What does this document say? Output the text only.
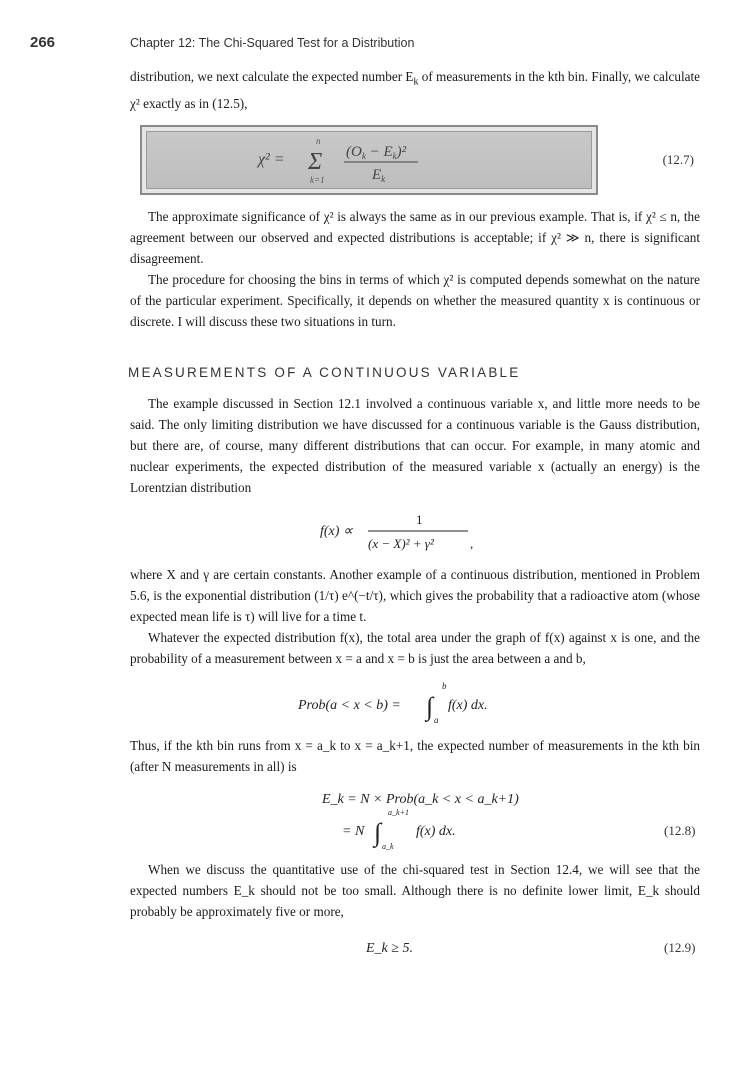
266	Chapter 12: The Chi-Squared Test for a Distribution

distribution, we next calculate the expected number $E_k$ of measurements in the kth bin. Finally, we calculate χ² exactly as in (12.5),

χ² =
n
Σ
k=1
$(O_k - E_k)^2$
$E_k$
(12.7)

The approximate significance of χ² is always the same as in our previous example. That is, if χ² ≤ n, the agreement between our observed and expected distributions is acceptable; if χ² ≫ n, there is significant disagreement.

The procedure for choosing the bins in terms of which χ² is computed depends somewhat on the nature of the particular experiment. Specifically, it depends on whether the measured quantity x is continuous or discrete. I will discuss these two situations in turn.

MEASUREMENTS OF A CONTINUOUS VARIABLE

The example discussed in Section 12.1 involved a continuous variable x, and little more needs to be said. The only limiting distribution we have discussed for a continuous variable is the Gauss distribution, but there are, of course, many different distributions that can occur. For example, in many atomic and nuclear experiments, the expected distribution of the measured variable x (actually an energy) is the Lorentzian distribution

f(x) ∝
1
(x − X)² + γ²	,

where X and γ are certain constants. Another example of a continuous distribution, mentioned in Problem 5.6, is the exponential distribution (1/τ) e^(−t/τ), which gives the probability that a radioactive atom (whose expected mean life is τ) will live for a time t.

Whatever the expected distribution f(x), the total area under the graph of f(x) against x is one, and the probability of a measurement between x = a and x = b is just the area between a and b,

Prob(a < x < b) = ∫
b
a
f(x) dx.

Thus, if the kth bin runs from x = a_k to x = a_k+1, the expected number of measurements in the kth bin (after N measurements in all) is

E_k = N × Prob(a_k < x < a_k+1)
= N ∫
a_k+1
a_k
f(x) dx.	(12.8)

When we discuss the quantitative use of the chi-squared test in Section 12.4, we will see that the expected numbers E_k should not be too small. Although there is no definite lower limit, E_k should probably be approximately five or more,

E_k ≥ 5.	(12.9)
